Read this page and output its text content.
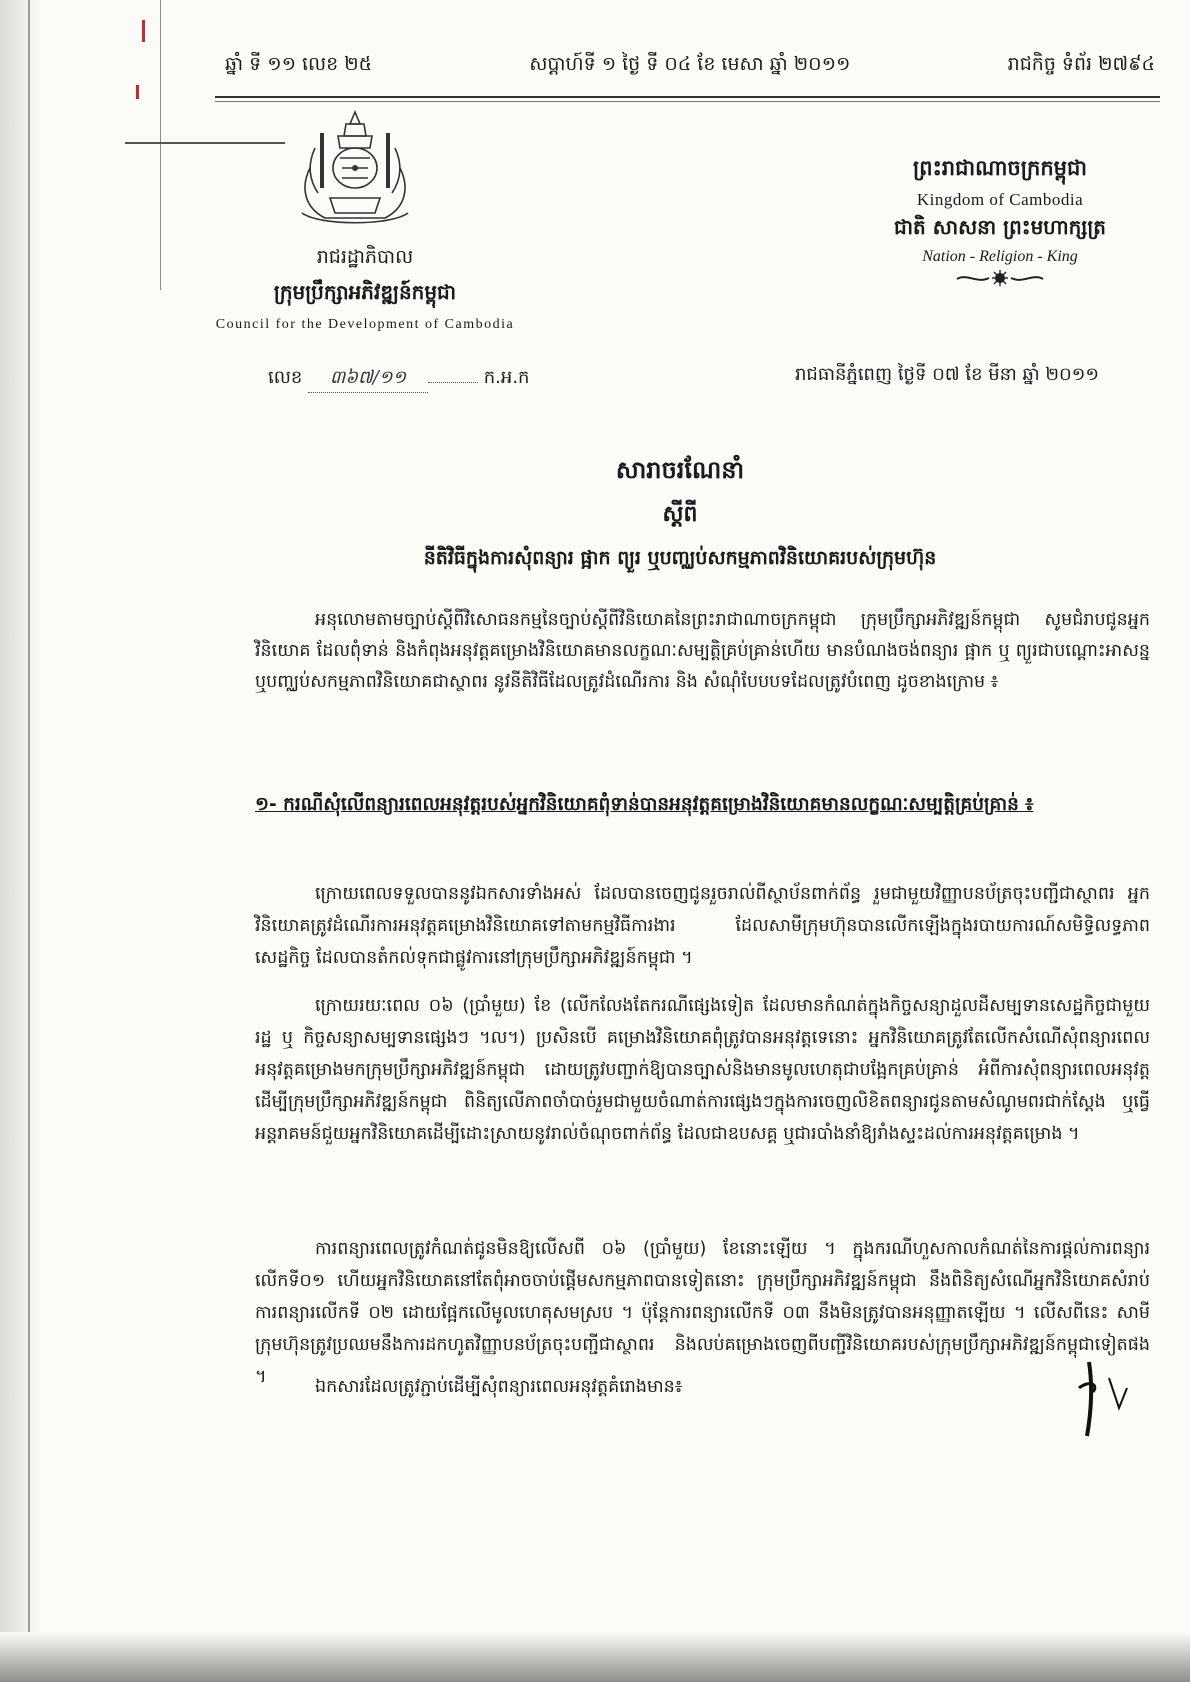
ឆ្នាំ ទី ១១ លេខ ២៥	សប្តាហ៍ទី ១ ថ្ងៃ ទី ០៤ ខែ មេសា ឆ្នាំ ២០១១	រាជកិច្ច ទំព័រ ២៧៩៤
រាជរដ្ឋាភិបាល
ក្រុមប្រឹក្សាអភិវឌ្ឍន៍កម្ពុជា
Council for the Development of Cambodia
ព្រះរាជាណាចក្រកម្ពុជា
Kingdom of Cambodia
ជាតិ សាសនា ព្រះមហាក្សត្រ
Nation - Religion - King
លេខ ៣៦៧/១១	ក.អ.ក	រាជធានីភ្នំពេញ ថ្ងៃទី ០៧ ខែ មីនា ឆ្នាំ ២០១១
សារាចរណែនាំ
ស្តីពី
នីតិវិធីក្នុងការសុំពន្យារ ផ្អាក ព្យួរ ឬបញ្ឈប់សកម្មភាពវិនិយោគរបស់ក្រុមហ៊ុន
អនុលោមតាមច្បាប់ស្តីពីវិសោធនកម្មនៃច្បាប់ស្តីពីវិនិយោគនៃព្រះរាជាណាចក្រកម្ពុជា ក្រុមប្រឹក្សាអភិវឌ្ឍន៍កម្ពុជា សូមជំរាបជូនអ្នកវិនិយោគ ដែលពុំទាន់ និងកំពុងអនុវត្តគម្រោងវិនិយោគមានលក្ខណៈសម្បត្តិគ្រប់គ្រាន់ហើយ មានបំណងចង់ពន្យារ ផ្អាក ឬ ព្យួរជាបណ្តោះអាសន្ន ឬបញ្ឈប់សកម្មភាពវិនិយោគជាស្ថាពរ នូវនីតិវិធីដែលត្រូវដំណើរការ និង សំណុំបែបបទដែលត្រូវបំពេញ ដូចខាងក្រោម ៖
១- ករណីសុំលើពន្យារពេលអនុវត្តរបស់អ្នកវិនិយោគពុំទាន់បានអនុវត្តគម្រោងវិនិយោគមានលក្ខណៈសម្បត្តិគ្រប់គ្រាន់ ៖
ក្រោយពេលទទួលបាននូវឯកសារទាំងអស់ ដែលបានចេញជូនរួចរាល់ពីស្ថាប័នពាក់ព័ន្ធ រួមជាមួយវិញ្ញាបនប័ត្រចុះបញ្ជីជាស្ថាពរ អ្នកវិនិយោគត្រូវដំណើរការអនុវត្តគម្រោងវិនិយោគទៅតាមកម្មវិធីការងារ ដែលសាមីក្រុមហ៊ុនបានលើកឡើងក្នុងរបាយការណ៍សមិទ្ធិលទ្ធភាពសេដ្ឋកិច្ច ដែលបានតំកល់ទុកជាផ្លូវការនៅក្រុមប្រឹក្សាអភិវឌ្ឍន៍កម្ពុជា ។
ក្រោយរយៈពេល ០៦ (ប្រាំមួយ) ខែ (លើកលែងតែករណីផ្សេងទៀត ដែលមានកំណត់ក្នុងកិច្ចសន្យាដួលដីសម្បទានសេដ្ឋកិច្ចជាមួយរដ្ឋ ឬ កិច្ចសន្យាសម្បទានផ្សេងៗ ។ល។) ប្រសិនបើ គម្រោងវិនិយោគពុំត្រូវបានអនុវត្តទេនោះ អ្នកវិនិយោគត្រូវតែលើកសំណើសុំពន្យារពេលអនុវត្តគម្រោងមកក្រុមប្រឹក្សាអភិវឌ្ឍន៍កម្ពុជា ដោយត្រូវបញ្ជាក់ឱ្យបានច្បាស់និងមានមូលហេតុជាបង្អែកគ្រប់គ្រាន់ អំពីការសុំពន្យារពេលអនុវត្ត ដើម្បីក្រុមប្រឹក្សាអភិវឌ្ឍន៍កម្ពុជា ពិនិត្យលើភាពចាំបាច់រួមជាមួយចំណាត់ការផ្សេងៗក្នុងការចេញលិខិតពន្យារជូនតាមសំណូមពរជាក់ស្តែង ឬធ្វើអន្តរាគមន៍ជួយអ្នកវិនិយោគដើម្បីដោះស្រាយនូវរាល់ចំណុចពាក់ព័ន្ធ ដែលជាឧបសគ្គ ឬជារបាំងនាំឱ្យរាំងស្ទះដល់ការអនុវត្តគម្រោង ។
ការពន្យារពេលត្រូវកំណត់ជូនមិនឱ្យលើសពី ០៦ (ប្រាំមួយ) ខែនោះឡើយ ។ ក្នុងករណីហួសកាលកំណត់នៃការផ្តល់ការពន្យារលើកទី០១ ហើយអ្នកវិនិយោគនៅតែពុំអាចចាប់ផ្តើមសកម្មភាពបានទៀតនោះ ក្រុមប្រឹក្សាអភិវឌ្ឍន៍កម្ពុជា នឹងពិនិត្យសំណើអ្នកវិនិយោគសំរាប់ការពន្យារលើកទី ០២ ដោយផ្អែកលើមូលហេតុសមស្រប ។ ប៉ុន្តែការពន្យារលើកទី ០៣ នឹងមិនត្រូវបានអនុញ្ញាតឡើយ ។ លើសពីនេះ សាមីក្រុមហ៊ុនត្រូវប្រឈមនឹងការដកហូតវិញ្ញាបនប័ត្រចុះបញ្ជីជាស្ថាពរ និងលប់គម្រោងចេញពីបញ្ជីវិនិយោគរបស់ក្រុមប្រឹក្សាអភិវឌ្ឍន៍កម្ពុជាទៀតផង ។	ឯកសារដែលត្រូវភ្ជាប់ដើម្បីសុំពន្យារពេលអនុវត្តគំរោងមាន៖
